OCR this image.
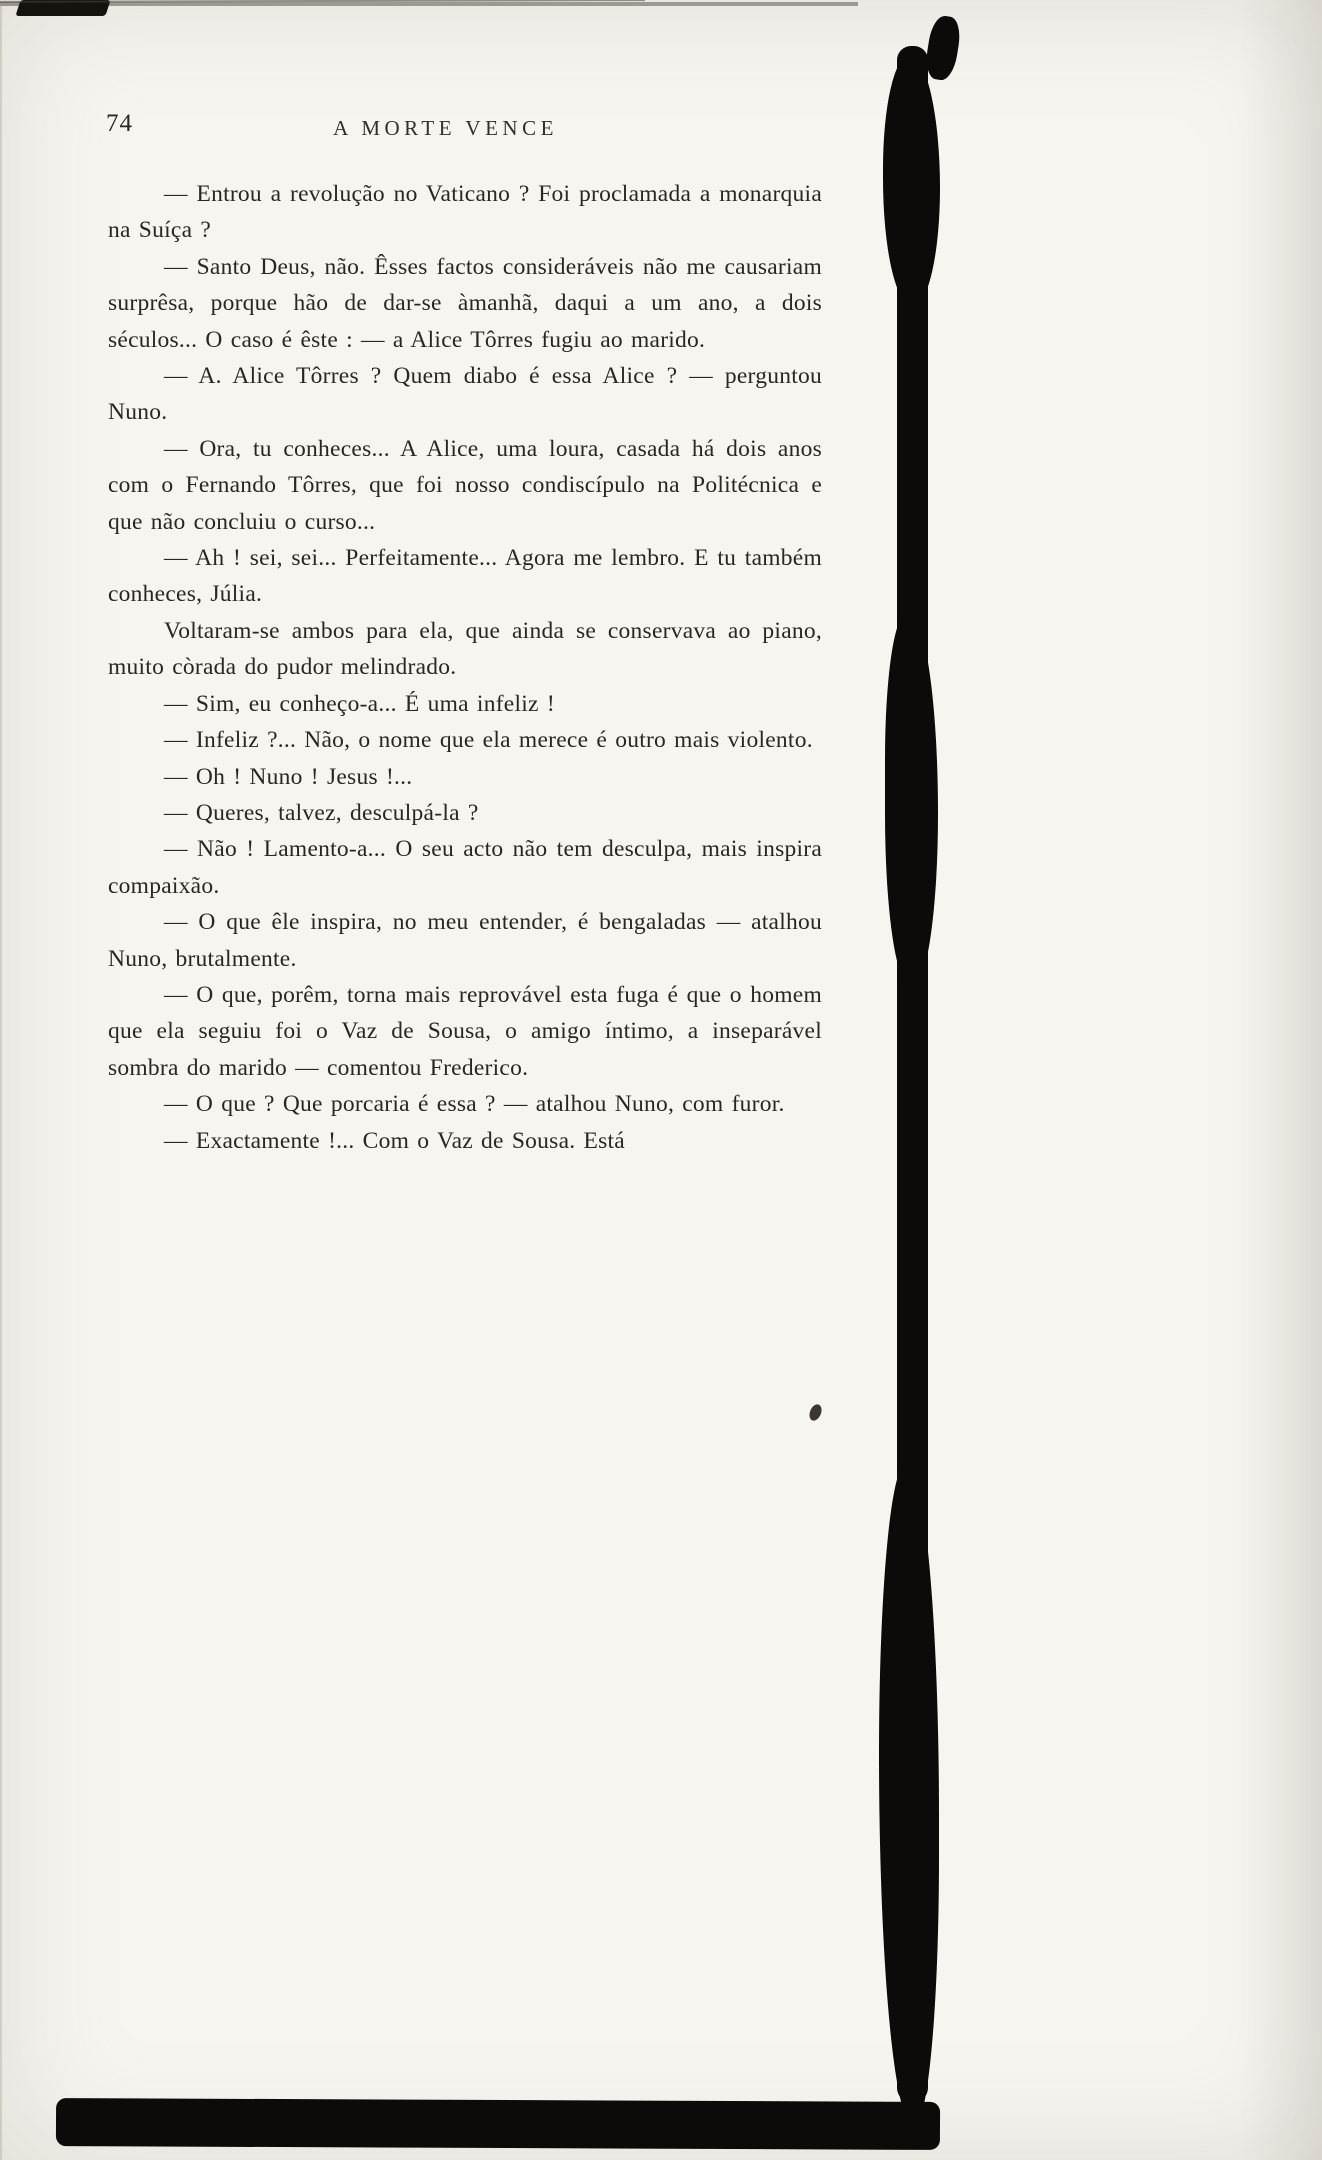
74	A MORTE VENCE

— Entrou a revolução no Vaticano ? Foi proclamada a monarquia na Suíça ?

— Santo Deus, não. Êsses factos consideráveis não me causariam surprêsa, porque hão de dar-se àmanhã, daqui a um ano, a dois séculos... O caso é êste : — a Alice Tôrres fugiu ao marido.

— A. Alice Tôrres ? Quem diabo é essa Alice ? — perguntou Nuno.

— Ora, tu conheces... A Alice, uma loura, casada há dois anos com o Fernando Tôrres, que foi nosso condiscípulo na Politécnica e que não concluiu o curso...

— Ah ! sei, sei... Perfeitamente... Agora me lembro. E tu também conheces, Júlia.

Voltaram-se ambos para ela, que ainda se conservava ao piano, muito còrada do pudor melindrado.

— Sim, eu conheço-a... É uma infeliz !

— Infeliz ?... Não, o nome que ela merece é outro mais violento.

— Oh ! Nuno ! Jesus !...

— Queres, talvez, desculpá-la ?

— Não ! Lamento-a... O seu acto não tem desculpa, mais inspira compaixão.

— O que êle inspira, no meu entender, é bengaladas — atalhou Nuno, brutalmente.

— O que, porêm, torna mais reprovável esta fuga é que o homem que ela seguiu foi o Vaz de Sousa, o amigo íntimo, a inseparável sombra do marido — comentou Frederico.

— O que ? Que porcaria é essa ? — atalhou Nuno, com furor.

— Exactamente !... Com o Vaz de Sousa. Está
